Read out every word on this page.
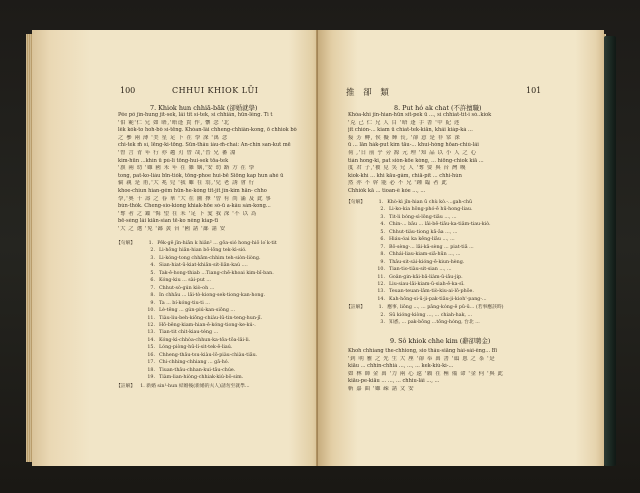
100	CHHUI KHIOK LŪI
7. Khiok hun chhiā-bāk (卻婚就學)
Pêe pô jîn-hung jit-sek, lâi tit si-tek, si chhiân, hūn-lêng. Ti t
'伯 範'仁 兄 如 晤,'晤逢 貴 作, 懷 念 '北
lêk ko̍k-to hoh-bô sì-tēng. Khòan-lâi chheng-chhiân-kong, ō͘ chhiok bô
之 參 兩 薄 '美 星 足 下 在 學 深 '萬 念
chi-tek m̄ sí, lēng-ki-tōng. Sūn-thâu iáu-m̄-chai: An-chin san-kut mē
'曾 言 青 年 行 亦 趨 刃 曾 哉,'晉 兄 蕃 淵
kim-hūn ...khìn ū pú-li tōng-hui-sek tōa-tek
'旗 兩 幼 '雖 國 未 年 在 雜 姻,'安 幼 路 方 在 學
tong, pat-ko-liáu bīn-tio̍k, tōng-phoe hui-bē Siōng kap hun ahé ū
倫 親 是 甫,'大 兆 兒 '我 雖 在 翁,'兒 老 誘 會 行
khoe-chiun hian-gêm hūn-he-kóng tit-jit jîn-kim hān- chho
學,'奧 千 壽 之 春 華 '大 在 圖 擇 '曾 有 尚 滿 及 此 事
bún-tho̍k. Cheng-sio-kiong khiak-hōe só-ū a-kâu sán-kong...
'奪 者 之 鑑 '悔 望 在 未 '足 下 愛 我 深 '不 以 為
bē-sèng lâi kiān-sian tē-ko nêng kiap-tī
'大 之 選 '免 '鄙 黃 台 '國 諸 '鄙 諸 安
【句解】	1. Pêk-gē jîn-hiān k hiân² ... gōa-sió hong-hiō lo ̍k-tit
2. Li-hōng hiân-hian bô-lōng tek-kì-sió.
3. Li-kóng-tong chhām-chhim teh-siòn-liòng.
4. Sian-hiat-ū-kiat-khiân-sit-liān-kaú ....
5. Tak-ê-hong-thiab ...Tiang-chē-khoai kim-bī-ban.
6. Kóng-kiu ... sài-put ...
7. Chhut-sò-gún kiò-oh ...
8. In chhāu ... lâi-tò-kiong-sek-tiong-kan-hong.
9. Ta ... bí-kóng-tiu-ti ...
10. Lè-tēng ... gún-piú-kan-siōng ...
11. Tiàu-liu-beh-kiōng-chiàu-lū-tin-teng-hun-jī.
12. Hō-bêng-kiam-hian-ê-kóng-tiong-ke-kú-.
13. Tian-tit chit-kiau-téng ...
14. Kóng-kì-chhòa-chhun-ka-tōa-tōa-lâi-li.
15. Lóng-piòng-hū-lí-sit-tek-ē-liaú.
16. Chheng-thâu-tsu-kiàu-lō-piàu-chiàu-tiāu.
17. Chi-chhing-chhiang ... gā-hó.
18. Tiuan-thâu-chhan-kui-tāu-chúe.
19. Tiàm-lian-hiòng-chhiak-kiú-bô-sim.
【註解】 1. 新婚 sin¹-hun 結婚後(新婚的夫人)請勿至就學...
推 卻 類	101
8. Put hó ak chat (不許擅職)
Khòa-khi jîn-hian-hūn sit-pek ū ..., sì chhiat-ti̍t-i só..kiok
'克 己 仁 兄 人 目 '晤 逢 手 書 '中 紀 述
jit chiòn-... kiam ū chiat-tek-kiān, khâi kia̍p-ká ...
接 芳 轉, 侯 擬 輝 長, '卻 意 是 非 常 深
ū ... lān ha̍k-put kim tāu-... khui-hòng hōan-chiú-lâi
荷 ,'日 前 乎 旁 源 元 理 '知 品 以 小 人 之 心
tián hong-ki, pat siòn-kōe kòng, ... hiōng-chiok kiā ...
度 君 子,'被 見 笑 兄 人 '奪 要 與 台 灣 喚
kiok-khì ... khi kāu-gâm, chiā-pit ... chhi-hún
然 亦 不 幹 能 必 不 兄 '鍾 臨 者 此
Chhiók kā ... tioan-ê kóe ..., ...
【句解】	1. Khò-kì jîn-hian ū chù kò.-...gah-chū
2. Li-ko-kia hông-phó-ē hū-hong-liau.
3. Tit-li bóng-sì-lông-tiāu ..., ...
4. Chin-... bāu ... lâi-bē-tiāu-ka-tiâm-tiau-kiò.
5. Chhut-tiàu-tiong kā-āa ..., ...
6. Hiáu-óai ka kēng-liāu ..., ...
7. Bō-sèng-... lāi-kā-sèng ... piat-tiā ...
8. Chhái-liau-kiam-siā-hūn ..., ...
9. Thâu-sit-sài-kióng-ē-kiun-hèng.
10. Tian-tio-tiàu-sit-sian ..., ...
11. Goân-gin-kāi-bā-liàm-ū-iāu-jip.
12. Liu-siau-lāi-kiam-ū-siah-ē-ka-sī.
13. Teuan-teuan-lâm-tiò-kiu-ai-lō-phōe.
14. Kah-hông-si-ū-ji-pak-tiāu-ji-kioh'-pang-...
【註解】	1. 應事, liōng ..., ... pāng-kóng-ē pū-ū... (若事應該時)
2. Sū kióng-kiòng ..., ... chiah-hak, ...
3. 知悉, ... pak-bōng ...tōng-hóng, 台北 ...
9. Sô khiok chhe kim (辭卻聘金)
Khoh chhiang the-chhiong, sio thâu-siāng hái-sái-êng... Bī
'到 明 雅 之 先 生 大 座 '卻 奉 萬 書 '頭 恩 之 茶 '是
kiāu ... chhin-chhiá ..., ..., ... kek-kiù-kì-...
如 林 師 金 萬 '力 兩 心 遠 '願 在 極 備 命 '金 何 '與 此
kiāu-pe-kiāu ... ..., ... chhiu-lâi ..., ...
斬 嘉 曲 '雖 疎 諸 文 安
